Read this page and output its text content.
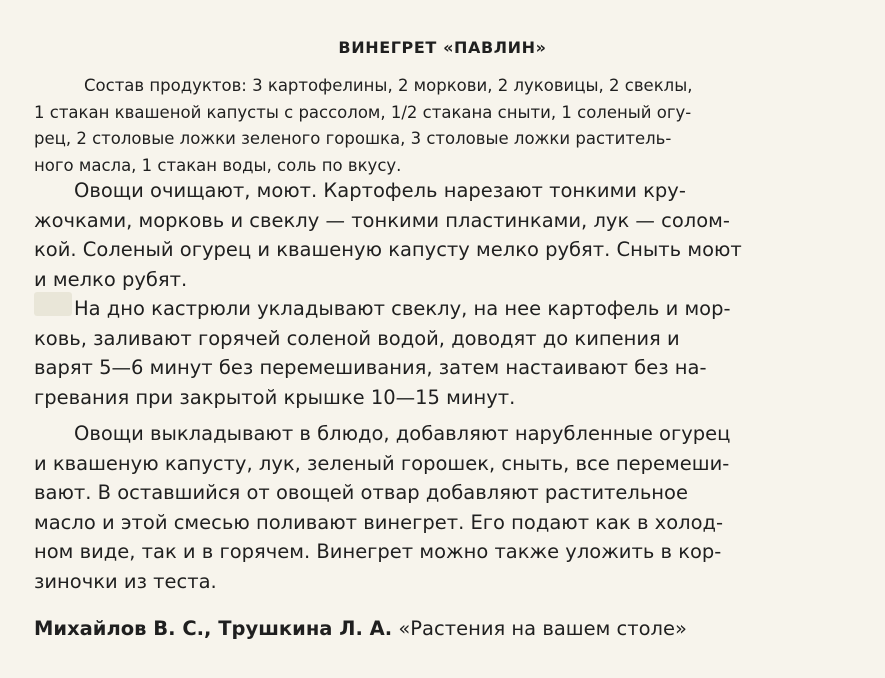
ВИНЕГРЕТ «ПАВЛИН»
Состав продуктов: 3 картофелины, 2 моркови, 2 луковицы, 2 свеклы,
1 стакан квашеной капусты с рассолом, 1/2 стакана сныти, 1 соленый огу-
рец, 2 столовые ложки зеленого горошка, 3 столовые ложки раститель-
ного масла, 1 стакан воды, соль по вкусу.
Овощи очищают, моют. Картофель нарезают тонкими кру-
жочками, морковь и свеклу — тонкими пластинками, лук — солом-
кой. Соленый огурец и квашеную капусту мелко рубят. Сныть моют
и мелко рубят.
На дно кастрюли укладывают свеклу, на нее картофель и мор-
ковь, заливают горячей соленой водой, доводят до кипения и
варят 5—6 минут без перемешивания, затем настаивают без на-
гревания при закрытой крышке 10—15 минут.
Овощи выкладывают в блюдо, добавляют нарубленные огурец
и квашеную капусту, лук, зеленый горошек, сныть, все перемеши-
вают. В оставшийся от овощей отвар добавляют растительное
масло и этой смесью поливают винегрет. Его подают как в холод-
ном виде, так и в горячем. Винегрет можно также уложить в кор-
зиночки из теста.
Михайлов В. С., Трушкина Л. А. «Растения на вашем столе»
